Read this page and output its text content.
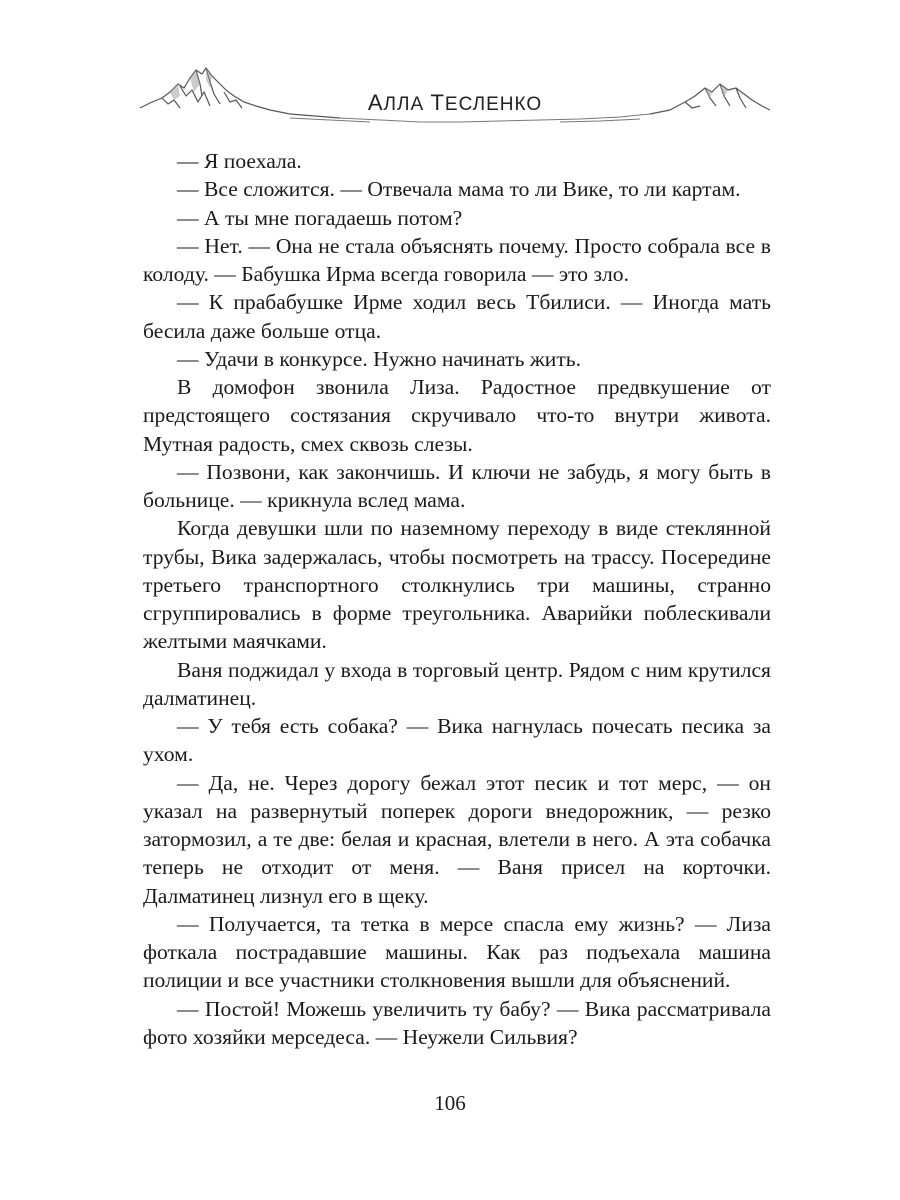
АЛЛА ТЕСЛЕНКО

— Я поехала.

— Все сложится. — Отвечала мама то ли Вике, то ли картам.

— А ты мне погадаешь потом?

— Нет. — Она не стала объяснять почему. Просто собрала все в колоду. — Бабушка Ирма всегда говорила — это зло.

— К прабабушке Ирме ходил весь Тбилиси. — Иногда мать бесила даже больше отца.

— Удачи в конкурсе. Нужно начинать жить.

В домофон звонила Лиза. Радостное предвкушение от предстоящего состязания скручивало что-то внутри живота. Мутная радость, смех сквозь слезы.

— Позвони, как закончишь. И ключи не забудь, я могу быть в больнице. — крикнула вслед мама.

Когда девушки шли по наземному переходу в виде стеклянной трубы, Вика задержалась, чтобы посмотреть на трассу. Посередине третьего транспортного столкнулись три машины, странно сгруппировались в форме треугольника. Аварийки поблескивали желтыми маячками.

Ваня поджидал у входа в торговый центр. Рядом с ним крутился далматинец.

— У тебя есть собака? — Вика нагнулась почесать песика за ухом.

— Да, не. Через дорогу бежал этот песик и тот мерс, — он указал на развернутый поперек дороги внедорожник, — резко затормозил, а те две: белая и красная, влетели в него. А эта собачка теперь не отходит от меня. — Ваня присел на корточки. Далматинец лизнул его в щеку.

— Получается, та тетка в мерсе спасла ему жизнь? — Лиза фоткала пострадавшие машины. Как раз подъехала машина полиции и все участники столкновения вышли для объяснений.

— Постой! Можешь увеличить ту бабу? — Вика рассматривала фото хозяйки мерседеса. — Неужели Сильвия?

106
